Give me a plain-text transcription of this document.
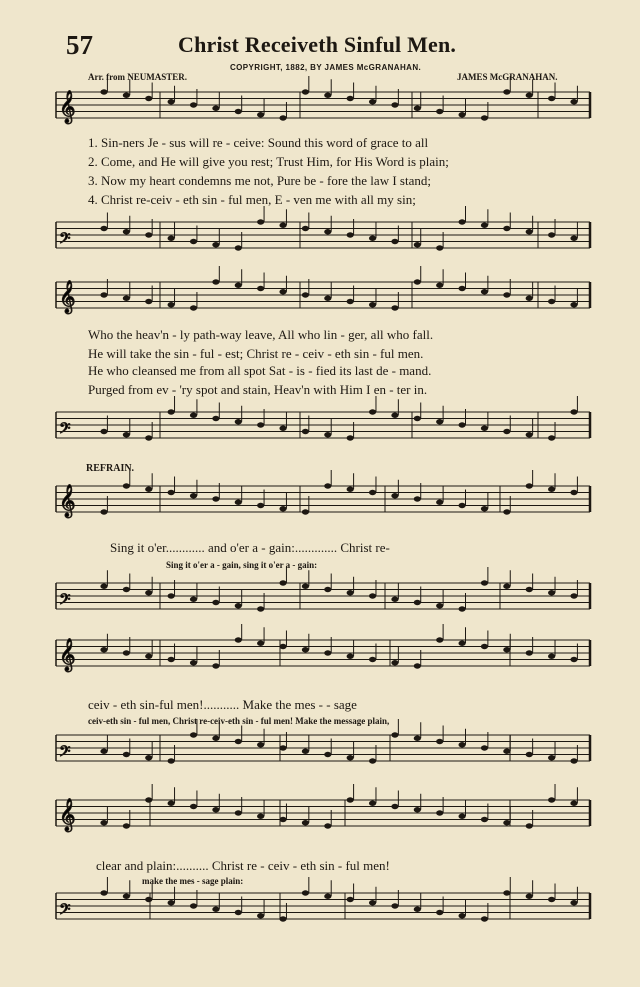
57	Christ Receiveth Sinful Men.
COPYRIGHT, 1882, BY JAMES McGRANAHAN.
Arr. from NEUMASTER.	JAMES McGRANAHAN.
𝄞
𝄢
𝄞
𝄢
𝄞
𝄢
𝄞
𝄢
𝄞
𝄢
1. Sin-ners Je - sus will re - ceive: Sound this word of grace to all
2. Come, and He will give you rest; Trust Him, for His Word is plain;
3. Now my heart condemns me not, Pure be - fore the law I stand;
4. Christ re-ceiv - eth sin - ful men, E - ven me with all my sin;
Who the heav'n - ly path-way leave, All who lin - ger, all who fall.
He will take the sin - ful - est; Christ re - ceiv - eth sin - ful men.
He who cleansed me from all spot Sat - is - fied its last de - mand.
Purged from ev - 'ry spot and stain, Heav'n with Him I en - ter in.
REFRAIN.
Sing it o'er............ and o'er a - gain:............. Christ re-
Sing it o'er a - gain, sing it o'er a - gain:
ceiv - eth sin-ful men!........... Make the mes - - sage
ceiv-eth sin - ful men, Christ re-ceiv-eth sin - ful men! Make the message plain,
clear and plain:.......... Christ re - ceiv - eth sin - ful men!
make the mes - sage plain:
